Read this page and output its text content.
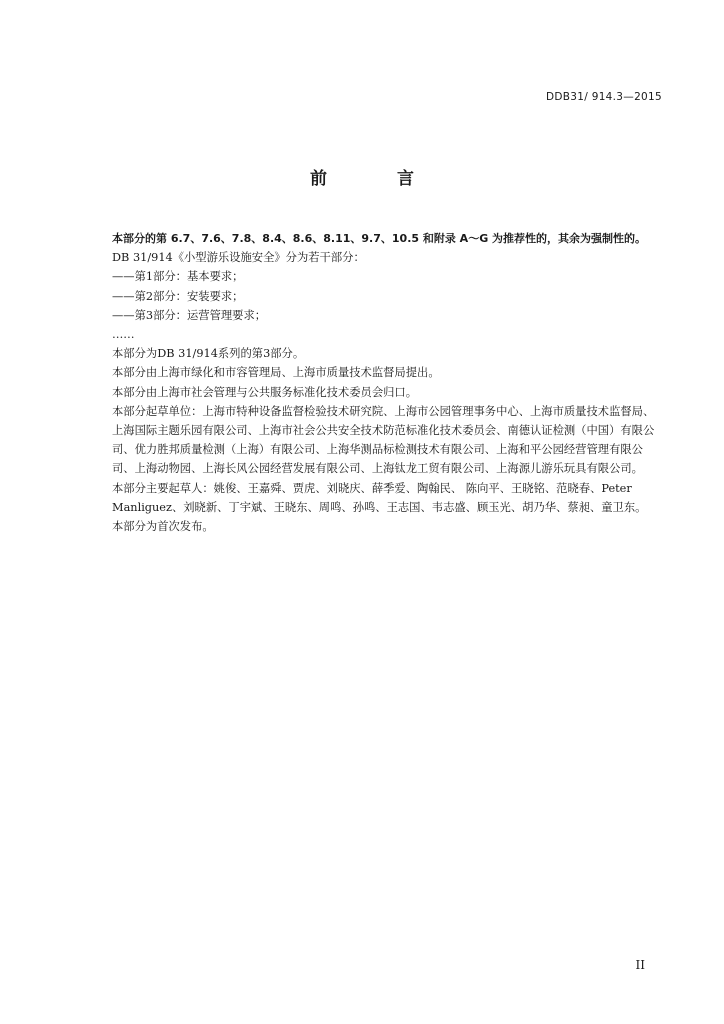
DDB31/ 914.3—2015
前 言

本部分的第 6.7、7.6、7.8、8.4、8.6、8.11、9.7、10.5 和附录 A～G 为推荐性的，其余为强制性的。

DB 31/914《小型游乐设施安全》分为若干部分：

——第1部分：基本要求；

——第2部分：安装要求；

——第3部分：运营管理要求；

……

本部分为DB 31/914系列的第3部分。

本部分由上海市绿化和市容管理局、上海市质量技术监督局提出。

本部分由上海市社会管理与公共服务标准化技术委员会归口。

本部分起草单位：上海市特种设备监督检验技术研究院、上海市公园管理事务中心、上海市质量技术监督局、上海国际主题乐园有限公司、上海市社会公共安全技术防范标准化技术委员会、南德认证检测（中国）有限公司、优力胜邦质量检测（上海）有限公司、上海华测品标检测技术有限公司、上海和平公园经营管理有限公司、上海动物园、上海长风公园经营发展有限公司、上海钛龙工贸有限公司、上海源儿游乐玩具有限公司。

本部分主要起草人：姚俊、王嘉舜、贾虎、刘晓庆、薛季爱、陶翰民、 陈向平、王晓铭、范晓春、Peter Manliguez、刘晓新、丁宇斌、王晓东、周鸣、孙鸣、王志国、韦志盛、顾玉光、胡乃华、蔡昶、童卫东。

本部分为首次发布。

II
